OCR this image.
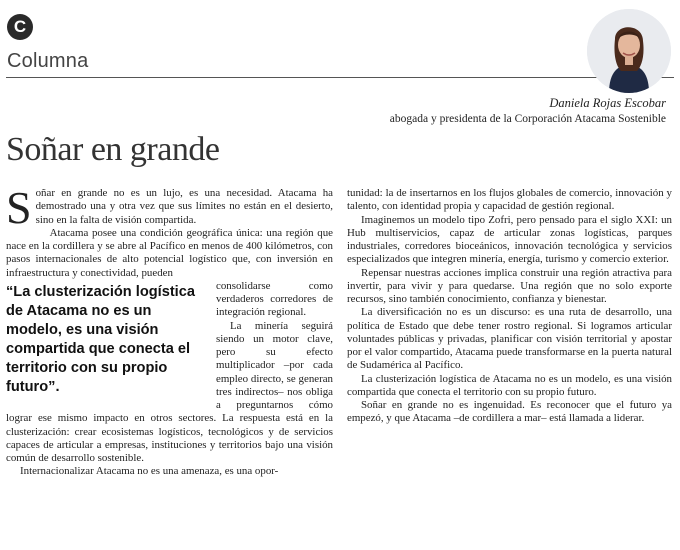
C
Columna
Daniela Rojas Escobar
abogada y presidenta de la Corporación Atacama Sostenible
Soñar en grande

Soñar en grande no es un lujo, es una necesidad. Atacama ha demostrado una y otra vez que sus límites no están en el desierto, sino en la falta de visión compartida.

Atacama posee una condición geográfica única: una región que nace en la cordillera y se abre al Pacífico en menos de 400 kilómetros, con pasos internacionales de alto potencial logístico que, con inversión en infraestructura y conectividad, pueden

“La clusterización logística de Atacama no es un modelo, es una visión compartida que conecta el territorio con su propio futuro”.

consolidarse como verdaderos corredores de integración regional.

La minería seguirá siendo un motor clave, pero su efecto multiplicador –por cada empleo directo, se generan tres indirectos– nos obliga a preguntarnos cómo lograr ese mismo impacto en otros sectores. La respuesta está en la clusterización: crear ecosistemas logísticos, tecnológicos y de servicios capaces de articular a empresas, instituciones y territorios bajo una visión común de desarrollo sostenible.

Internacionalizar Atacama no es una amenaza, es una opor-

tunidad: la de insertarnos en los flujos globales de comercio, innovación y talento, con identidad propia y capacidad de gestión regional.

Imaginemos un modelo tipo Zofri, pero pensado para el siglo XXI: un Hub multiservicios, capaz de articular zonas logísticas, parques industriales, corredores bioceánicos, innovación tecnológica y servicios especializados que integren minería, energía, turismo y comercio exterior.

Repensar nuestras acciones implica construir una región atractiva para invertir, para vivir y para quedarse. Una región que no solo exporte recursos, sino también conocimiento, confianza y bienestar.

La diversificación no es un discurso: es una ruta de desarrollo, una política de Estado que debe tener rostro regional. Si logramos articular voluntades públicas y privadas, planificar con visión territorial y apostar por el valor compartido, Atacama puede transformarse en la puerta natural de Sudamérica al Pacífico.

La clusterización logística de Atacama no es un modelo, es una visión compartida que conecta el territorio con su propio futuro.

Soñar en grande no es ingenuidad. Es reconocer que el futuro ya empezó, y que Atacama –de cordillera a mar– está llamada a liderar.
